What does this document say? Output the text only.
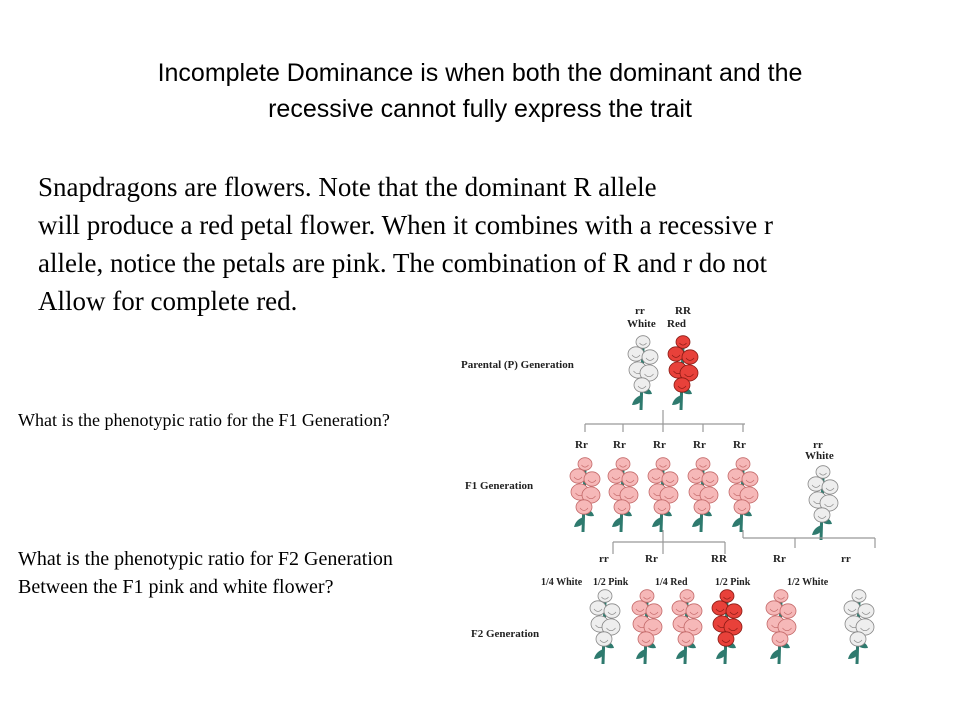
Incomplete Dominance is when both the dominant and the
recessive cannot fully express the trait
Snapdragons are flowers. Note that the dominant R allele
will produce a red petal flower. When it combines with a recessive r
allele, notice the petals are pink. The combination of R and r do not
Allow for complete red.
Parental (P) Generation
F1 Generation
F2 Generation
rr
White
RR
Red
Rr Rr Rr Rr Rr	rr
White
rr
1/4 White
Rr
1/2 Pink
RR
1/4 Red
Rr
1/2 Pink
rr
1/2 White
What is the phenotypic ratio for the F1 Generation?
What is the phenotypic ratio for F2 Generation
Between the F1 pink and white flower?
